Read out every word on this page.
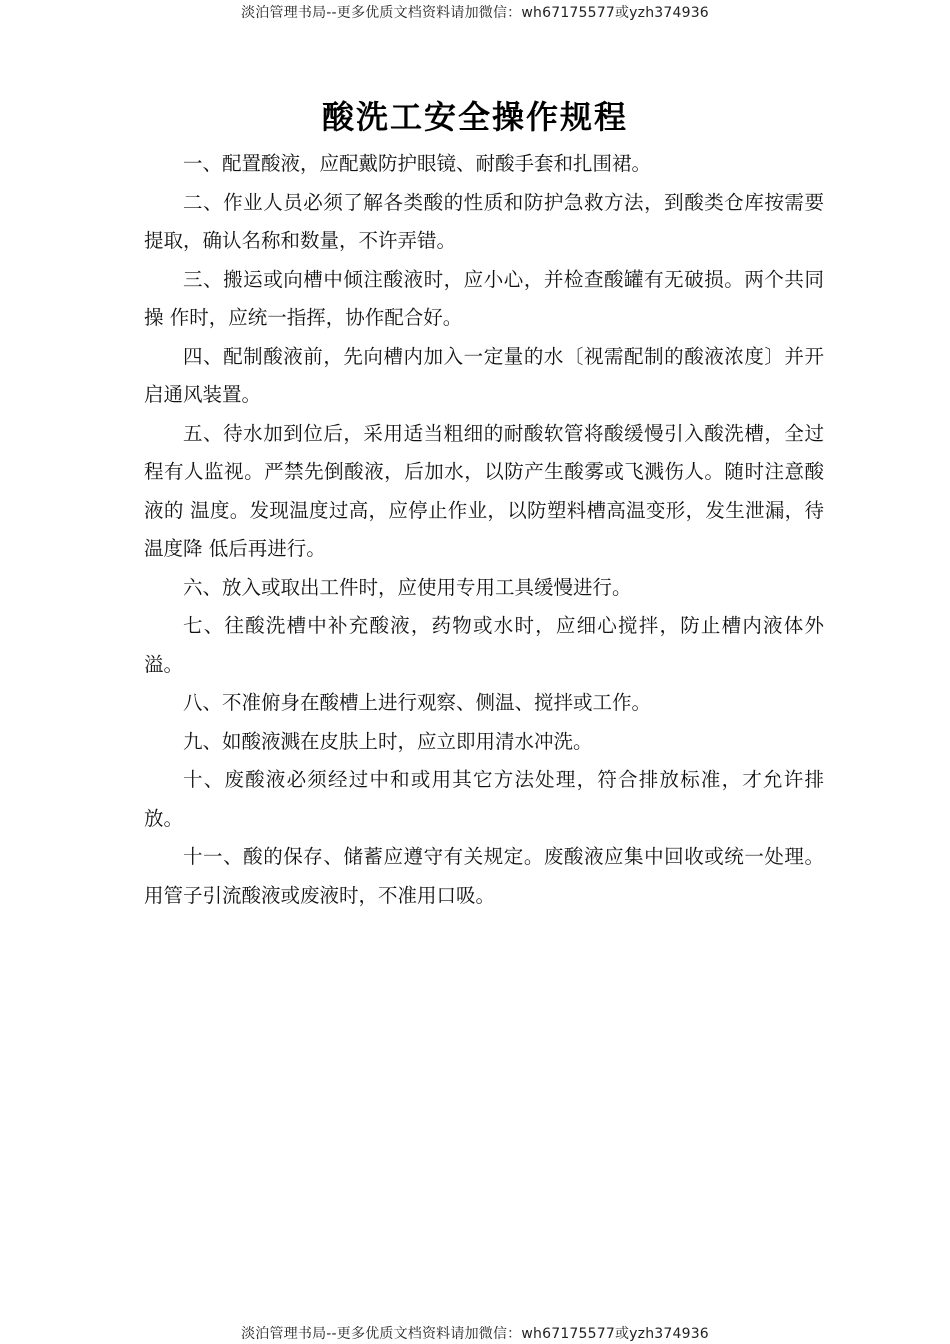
淡泊管理书局--更多优质文档资料请加微信：wh67175577或yzh374936
酸洗工安全操作规程

一、配置酸液，应配戴防护眼镜、耐酸手套和扎围裙。

二、作业人员必须了解各类酸的性质和防护急救方法，到酸类仓库按需要提取，确认名称和数量，不许弄错。

三、搬运或向槽中倾注酸液时，应小心，并检查酸罐有无破损。两个共同操 作时，应统一指挥，协作配合好。

四、配制酸液前，先向槽内加入一定量的水〔视需配制的酸液浓度〕并开启通风装置。

五、待水加到位后，采用适当粗细的耐酸软管将酸缓慢引入酸洗槽，全过程有人监视。严禁先倒酸液，后加水，以防产生酸雾或飞溅伤人。随时注意酸液的 温度。发现温度过高，应停止作业，以防塑料槽高温变形，发生泄漏，待温度降 低后再进行。

六、放入或取出工件时，应使用专用工具缓慢进行。

七、往酸洗槽中补充酸液，药物或水时，应细心搅拌，防止槽内液体外溢。

八、不准俯身在酸槽上进行观察、侧温、搅拌或工作。

九、如酸液溅在皮肤上时，应立即用清水冲洗。

十、废酸液必须经过中和或用其它方法处理，符合排放标准，才允许排放。

十一、酸的保存、储蓄应遵守有关规定。废酸液应集中回收或统一处理。用管子引流酸液或废液时，不准用口吸。

淡泊管理书局--更多优质文档资料请加微信：wh67175577或yzh374936
